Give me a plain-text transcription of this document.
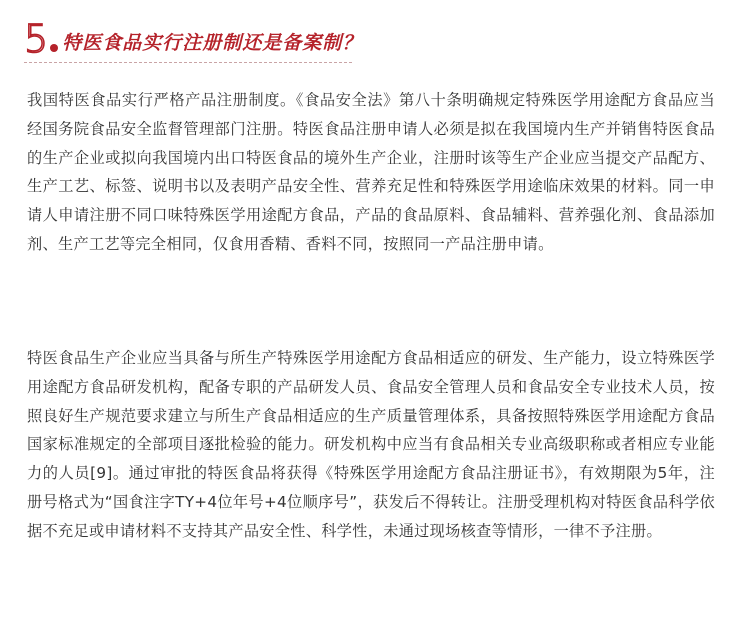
5 特医食品实行注册制还是备案制？

我国特医食品实行严格产品注册制度。《食品安全法》第八十条明确规定特殊医学用途配方食品应当经国务院食品安全监督管理部门注册。特医食品注册申请人必须是拟在我国境内生产并销售特医食品的生产企业或拟向我国境内出口特医食品的境外生产企业，注册时该等生产企业应当提交产品配方、生产工艺、标签、说明书以及表明产品安全性、营养充足性和特殊医学用途临床效果的材料。同一申请人申请注册不同口味特殊医学用途配方食品，产品的食品原料、食品辅料、营养强化剂、食品添加剂、生产工艺等完全相同，仅食用香精、香料不同，按照同一产品注册申请。

特医食品生产企业应当具备与所生产特殊医学用途配方食品相适应的研发、生产能力，设立特殊医学用途配方食品研发机构，配备专职的产品研发人员、食品安全管理人员和食品安全专业技术人员，按照良好生产规范要求建立与所生产食品相适应的生产质量管理体系，具备按照特殊医学用途配方食品国家标准规定的全部项目逐批检验的能力。研发机构中应当有食品相关专业高级职称或者相应专业能力的人员[9]。通过审批的特医食品将获得《特殊医学用途配方食品注册证书》，有效期限为5年，注册号格式为“国食注字TY+4位年号+4位顺序号”，获发后不得转让。注册受理机构对特医食品科学依据不充足或申请材料不支持其产品安全性、科学性，未通过现场核查等情形，一律不予注册。
